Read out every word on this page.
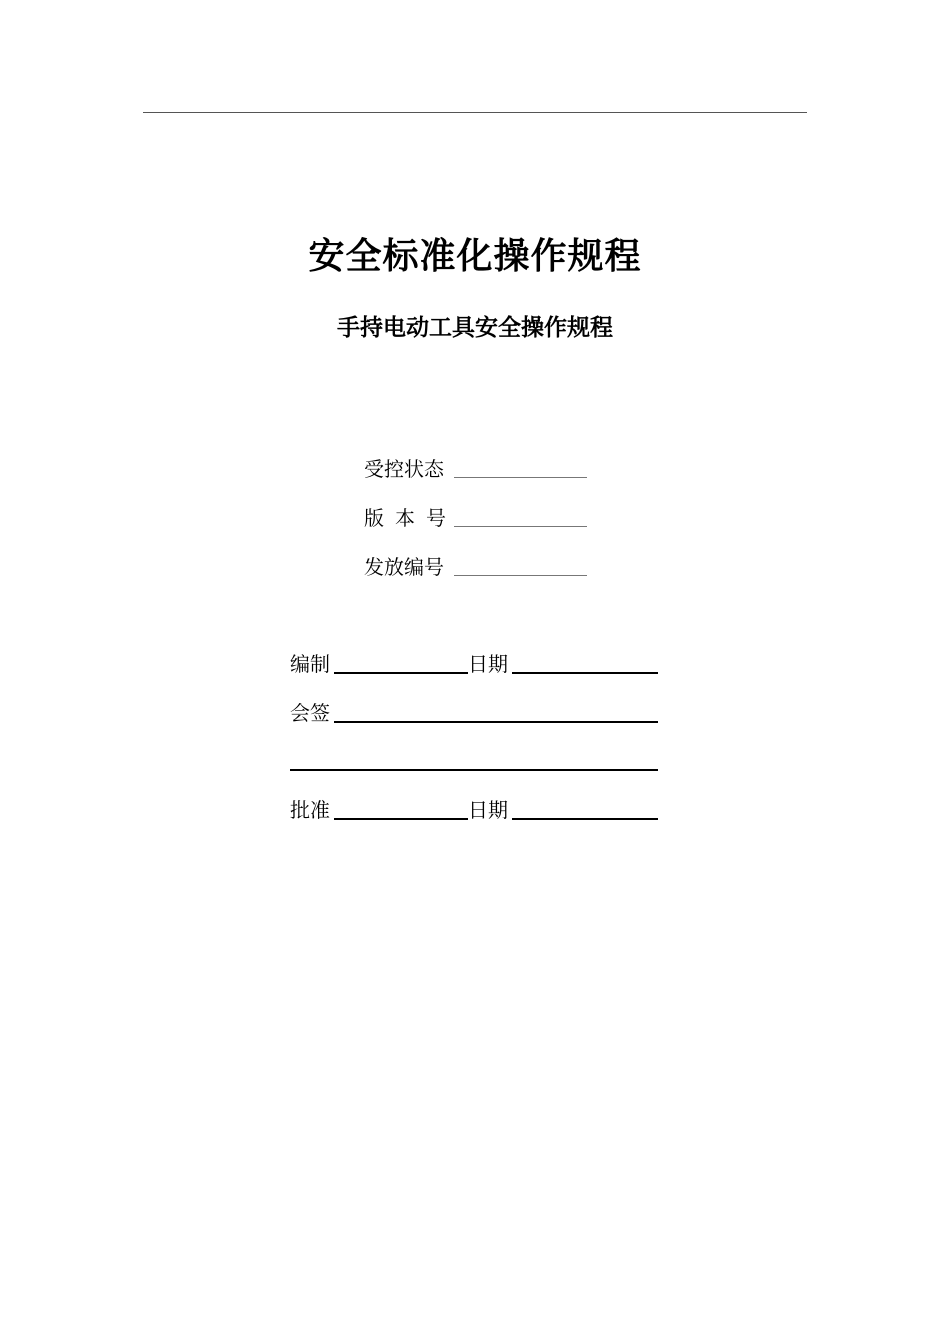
安全标准化操作规程
手持电动工具安全操作规程
受控状态
版本号
发放编号
编制	日期
会签
批准	日期
